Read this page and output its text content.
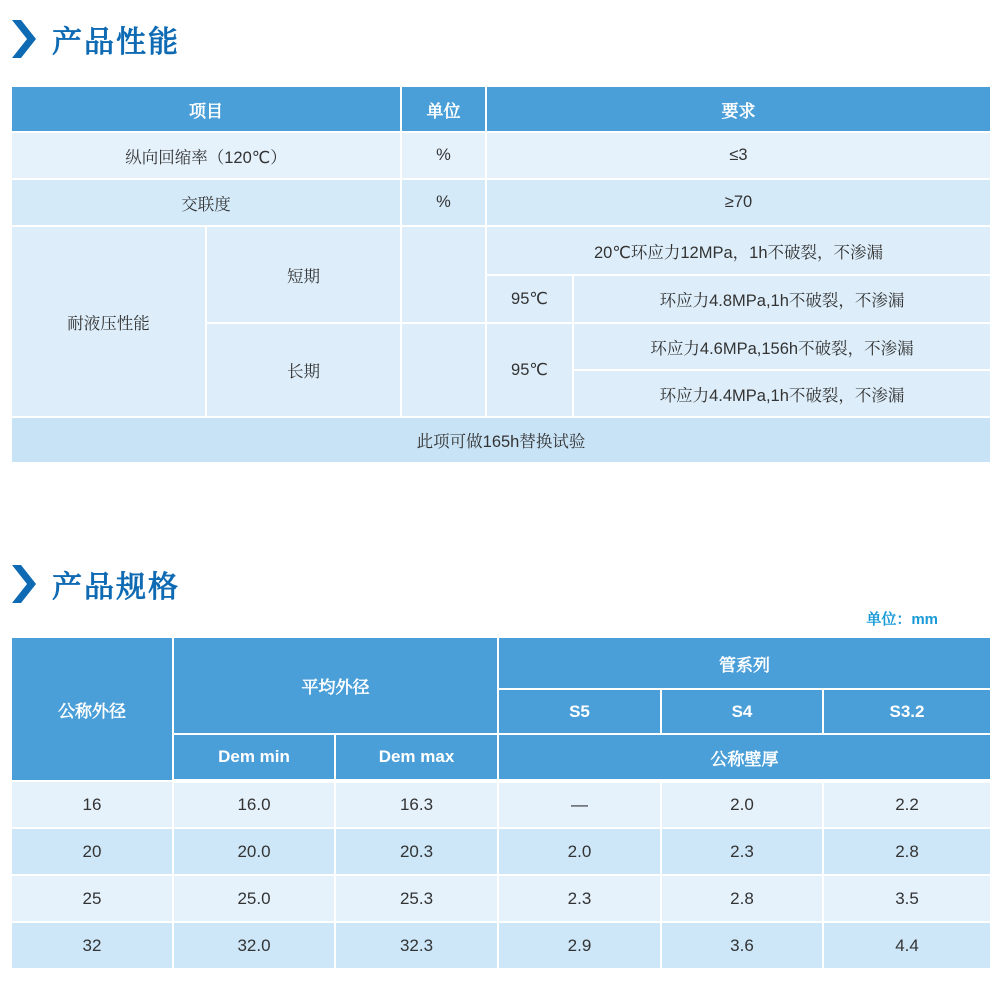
产品性能
项目		单位	要求	
纵向回缩率（120℃）		%	≤3	
交联度		%	≥70	
耐液压性能	短期		20℃环应力12MPa，1h不破裂，不渗漏	
			95℃	环应力4.8MPa,1h不破裂，不渗漏
	长期		95℃	环应力4.6MPa,156h不破裂，不渗漏
				环应力4.4MPa,1h不破裂，不渗漏
此项可做165h替换试验				
产品规格
单位：mm
公称外径	平均外径		管系列		
			S5	S4	S3.2
	Dem min	Dem max	公称壁厚		
16	16.0	16.3	—	2.0	2.2
20	20.0	20.3	2.0	2.3	2.8
25	25.0	25.3	2.3	2.8	3.5
32	32.0	32.3	2.9	3.6	4.4
